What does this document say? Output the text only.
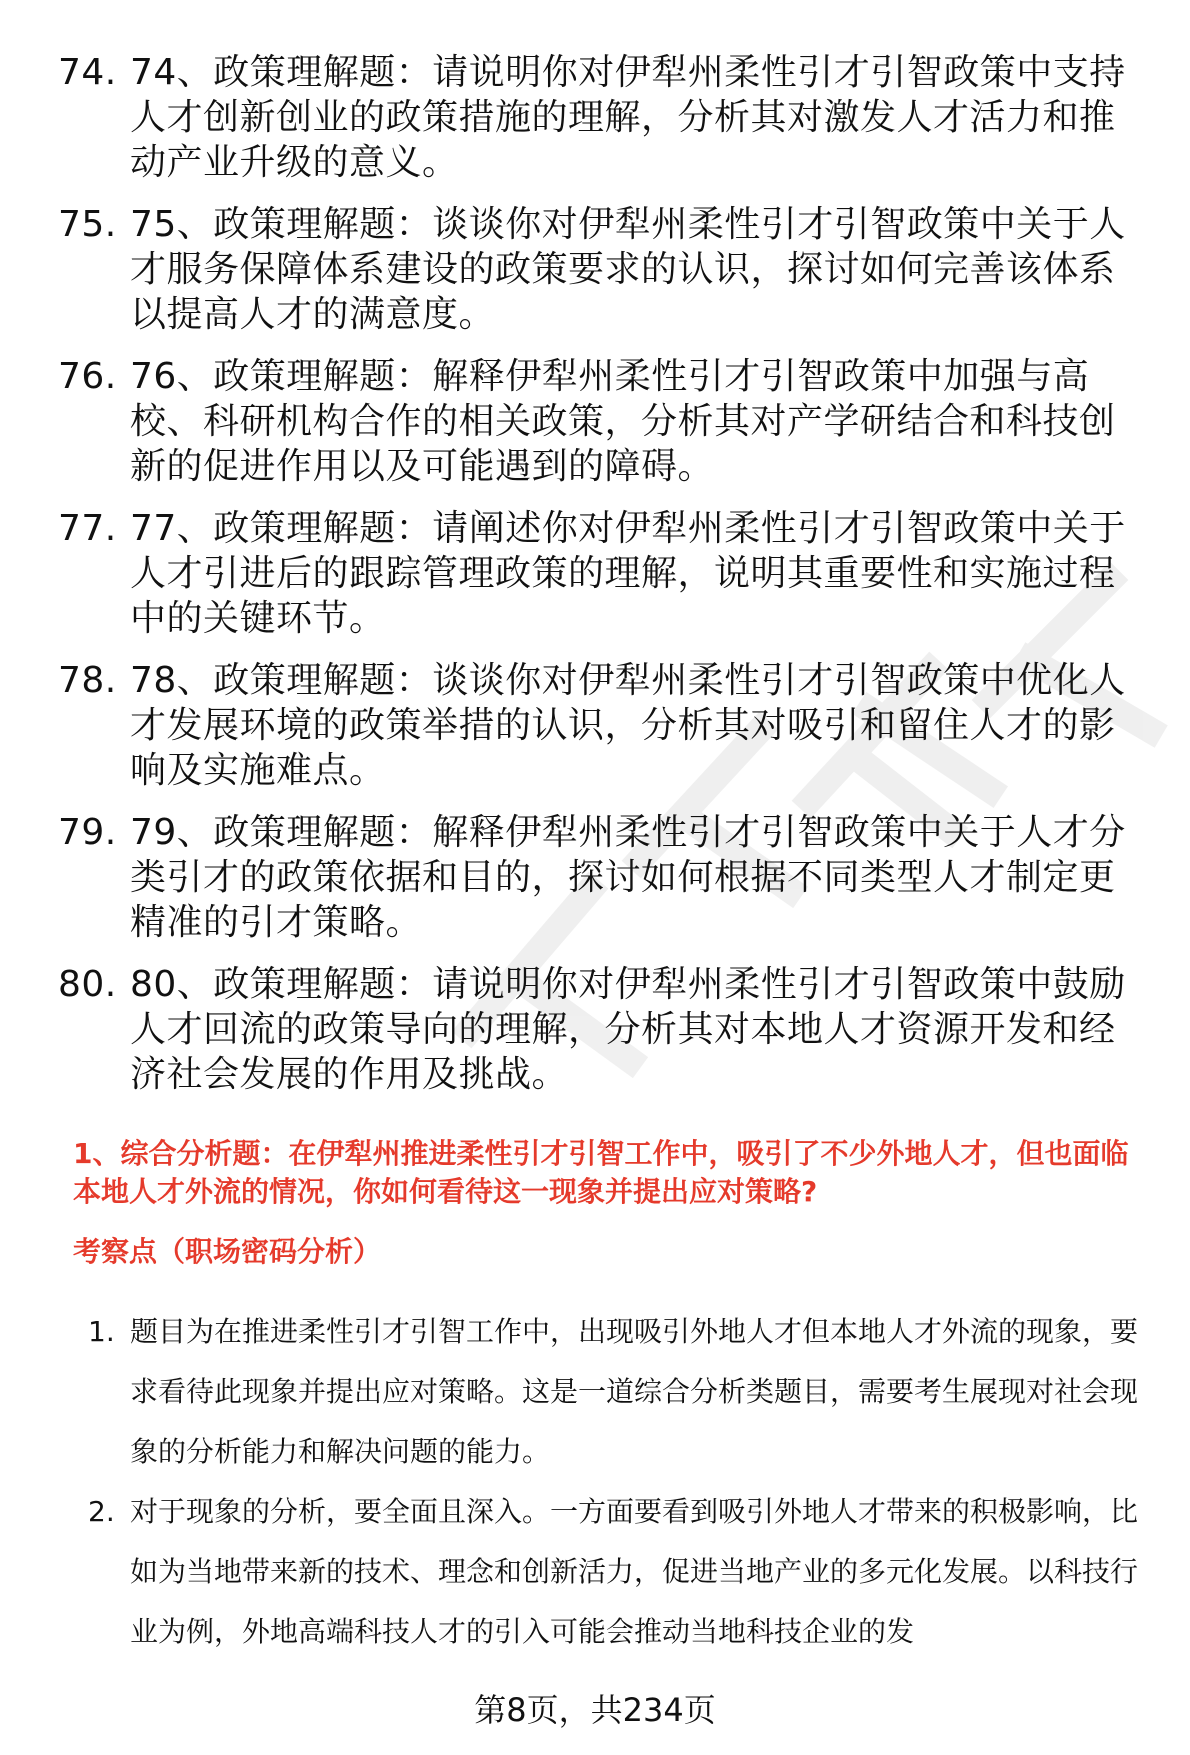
74. 74、政策理解题：请说明你对伊犁州柔性引才引智政策中支持人才创新创业的政策措施的理解，分析其对激发人才活力和推动产业升级的意义。
75. 75、政策理解题：谈谈你对伊犁州柔性引才引智政策中关于人才服务保障体系建设的政策要求的认识，探讨如何完善该体系以提高人才的满意度。
76. 76、政策理解题：解释伊犁州柔性引才引智政策中加强与高校、科研机构合作的相关政策，分析其对产学研结合和科技创新的促进作用以及可能遇到的障碍。
77. 77、政策理解题：请阐述你对伊犁州柔性引才引智政策中关于人才引进后的跟踪管理政策的理解，说明其重要性和实施过程中的关键环节。
78. 78、政策理解题：谈谈你对伊犁州柔性引才引智政策中优化人才发展环境的政策举措的认识，分析其对吸引和留住人才的影响及实施难点。
79. 79、政策理解题：解释伊犁州柔性引才引智政策中关于人才分类引才的政策依据和目的，探讨如何根据不同类型人才制定更精准的引才策略。
80. 80、政策理解题：请说明你对伊犁州柔性引才引智政策中鼓励人才回流的政策导向的理解，分析其对本地人才资源开发和经济社会发展的作用及挑战。
1、综合分析题：在伊犁州推进柔性引才引智工作中，吸引了不少外地人才，但也面临本地人才外流的情况，你如何看待这一现象并提出应对策略?
考察点（职场密码分析）
1. 题目为在推进柔性引才引智工作中，出现吸引外地人才但本地人才外流的现象，要求看待此现象并提出应对策略。这是一道综合分析类题目，需要考生展现对社会现象的分析能力和解决问题的能力。
2. 对于现象的分析，要全面且深入。一方面要看到吸引外地人才带来的积极影响，比如为当地带来新的技术、理念和创新活力，促进当地产业的多元化发展。以科技行业为例，外地高端科技人才的引入可能会推动当地科技企业的发
第8页，共234页
